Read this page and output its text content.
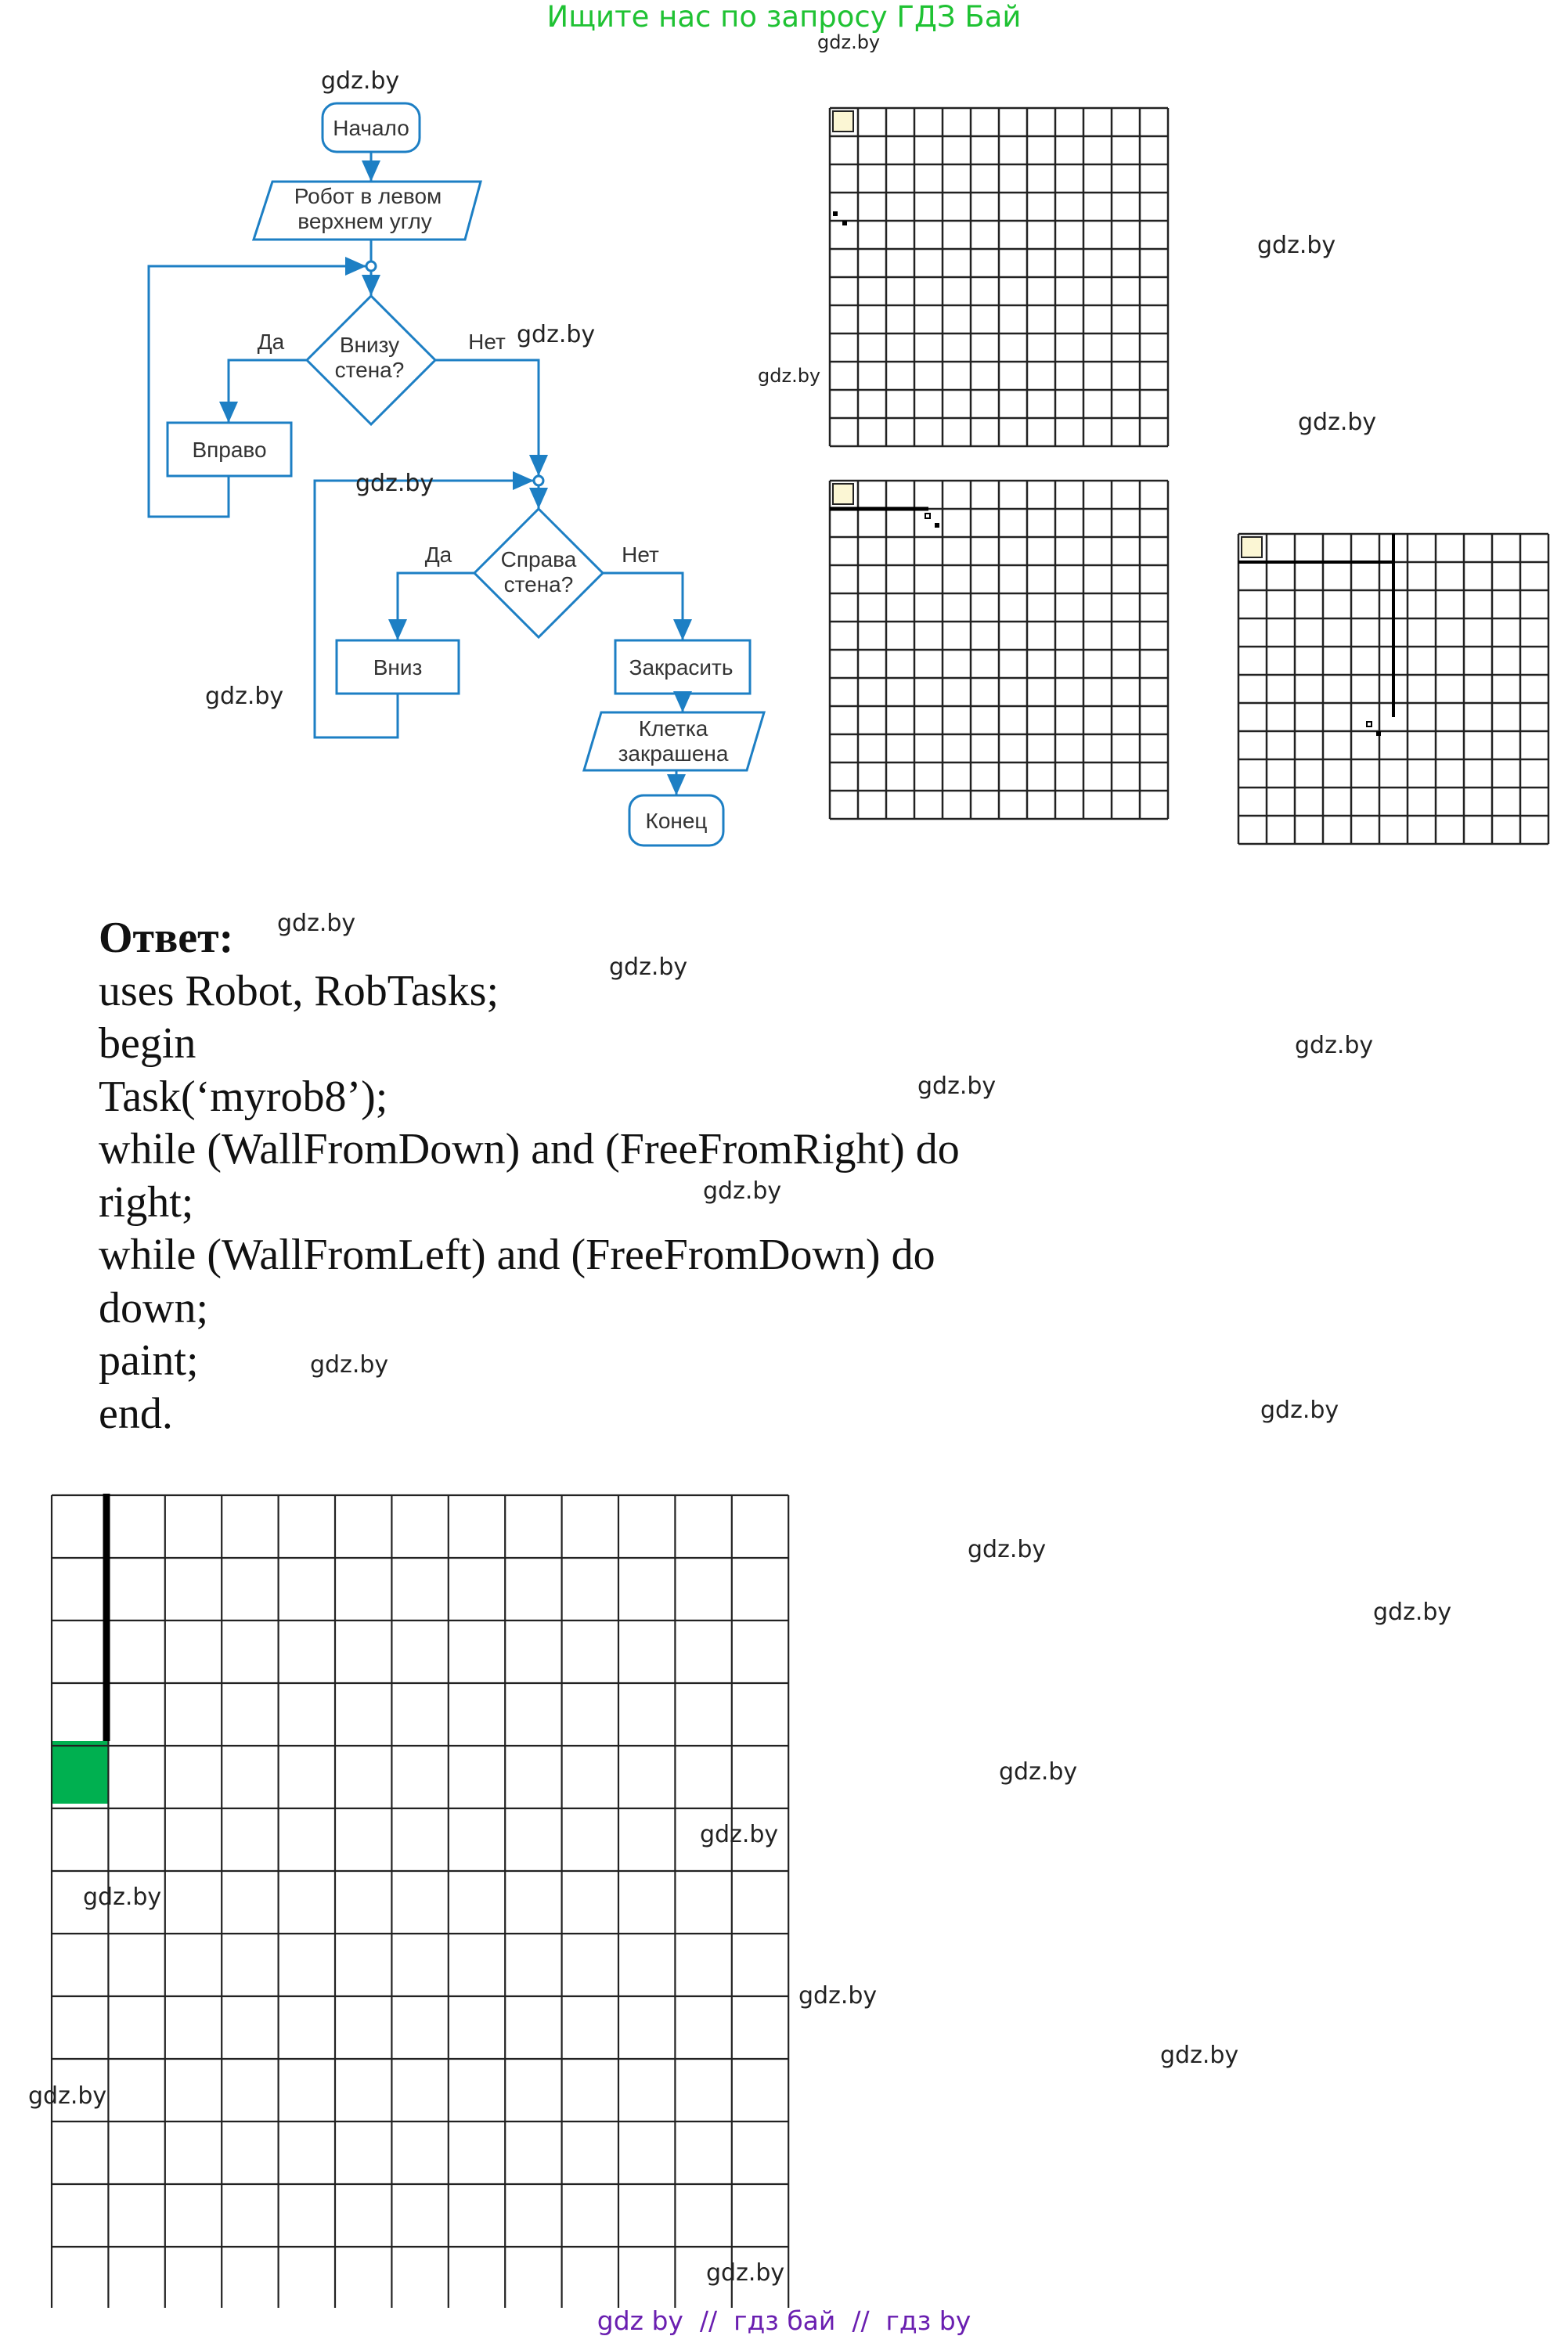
Ищите нас по запросу ГДЗ Бай
Начало
Робот в левом
верхнем углу
Внизу
стена?
Да	Нет
Вправо
Справа
стена?
Да	Нет
Вниз	Закрасить
Клетка
закрашена
Конец
Ответ:
uses Robot, RobTasks;
begin
Task(‘myrob8’);
while (WallFromDown) and (FreeFromRight) do
right;
while (WallFromLeft) and (FreeFromDown) do
down;
paint;
end.
gdz.by
gdz.by
gdz.by
gdz.by
gdz.by
gdz.by
gdz.by
gdz.by
gdz.by
gdz.by
gdz.by
gdz.by
gdz.by
gdz.by
gdz.by
gdz.by
gdz.by
gdz.by
gdz.by
gdz.by
gdz.by
gdz.by
gdz.by
gdz.by
gdz by  //  гдз бай  //  гдз by
